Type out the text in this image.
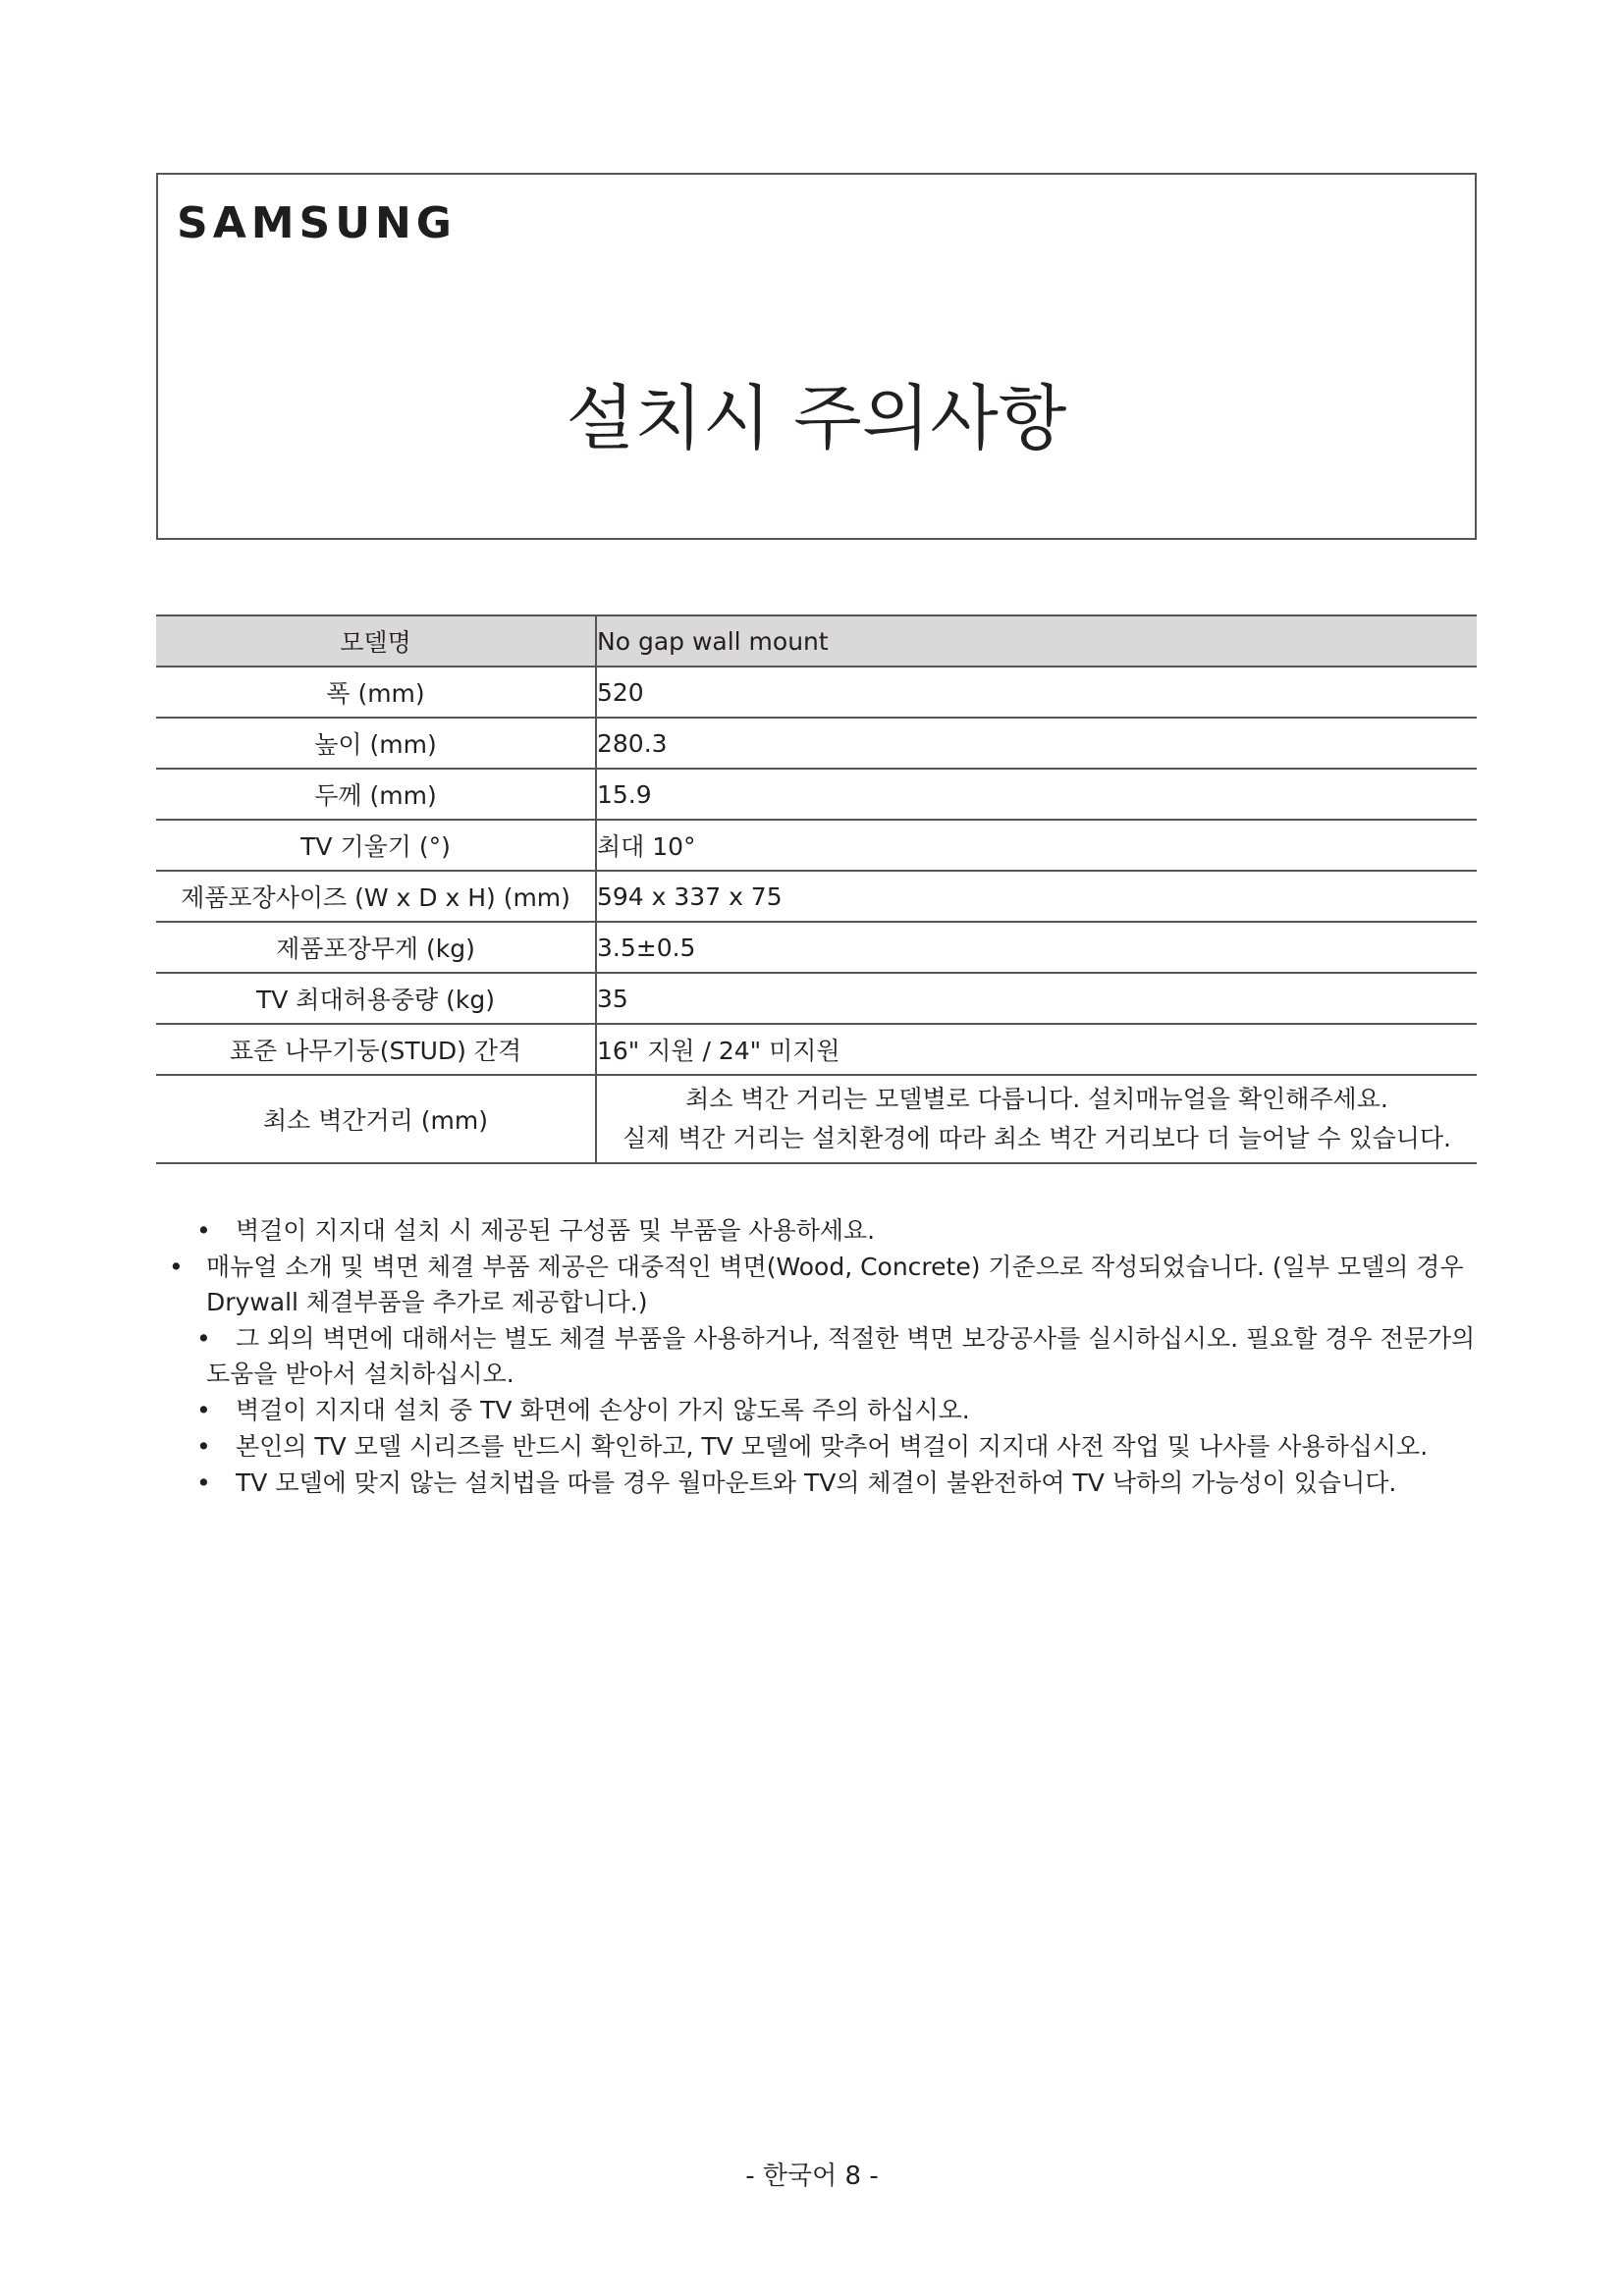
SAMSUNG
설치시 주의사항
모델명	No gap wall mount
폭 (mm)	520
높이 (mm)	280.3
두께 (mm)	15.9
TV 기울기 (°)	최대 10°
제품포장사이즈 (W x D x H) (mm)	594 x 337 x 75
제품포장무게 (kg)	3.5±0.5
TV 최대허용중량 (kg)	35
표준 나무기둥(STUD) 간격	16" 지원 / 24" 미지원
최소 벽간거리 (mm)	최소 벽간 거리는 모델별로 다릅니다. 설치매뉴얼을 확인해주세요.
실제 벽간 거리는 설치환경에 따라 최소 벽간 거리보다 더 늘어날 수 있습니다.
• 벽걸이 지지대 설치 시 제공된 구성품 및 부품을 사용하세요.
• 매뉴얼 소개 및 벽면 체결 부품 제공은 대중적인 벽면(Wood, Concrete) 기준으로 작성되었습니다. (일부 모델의 경우
Drywall 체결부품을 추가로 제공합니다.)
• 그 외의 벽면에 대해서는 별도 체결 부품을 사용하거나, 적절한 벽면 보강공사를 실시하십시오. 필요할 경우 전문가의
도움을 받아서 설치하십시오.
• 벽걸이 지지대 설치 중 TV 화면에 손상이 가지 않도록 주의 하십시오.
• 본인의 TV 모델 시리즈를 반드시 확인하고, TV 모델에 맞추어 벽걸이 지지대 사전 작업 및 나사를 사용하십시오.
• TV 모델에 맞지 않는 설치법을 따를 경우 월마운트와 TV의 체결이 불완전하여 TV 낙하의 가능성이 있습니다.
- 한국어 8 -
